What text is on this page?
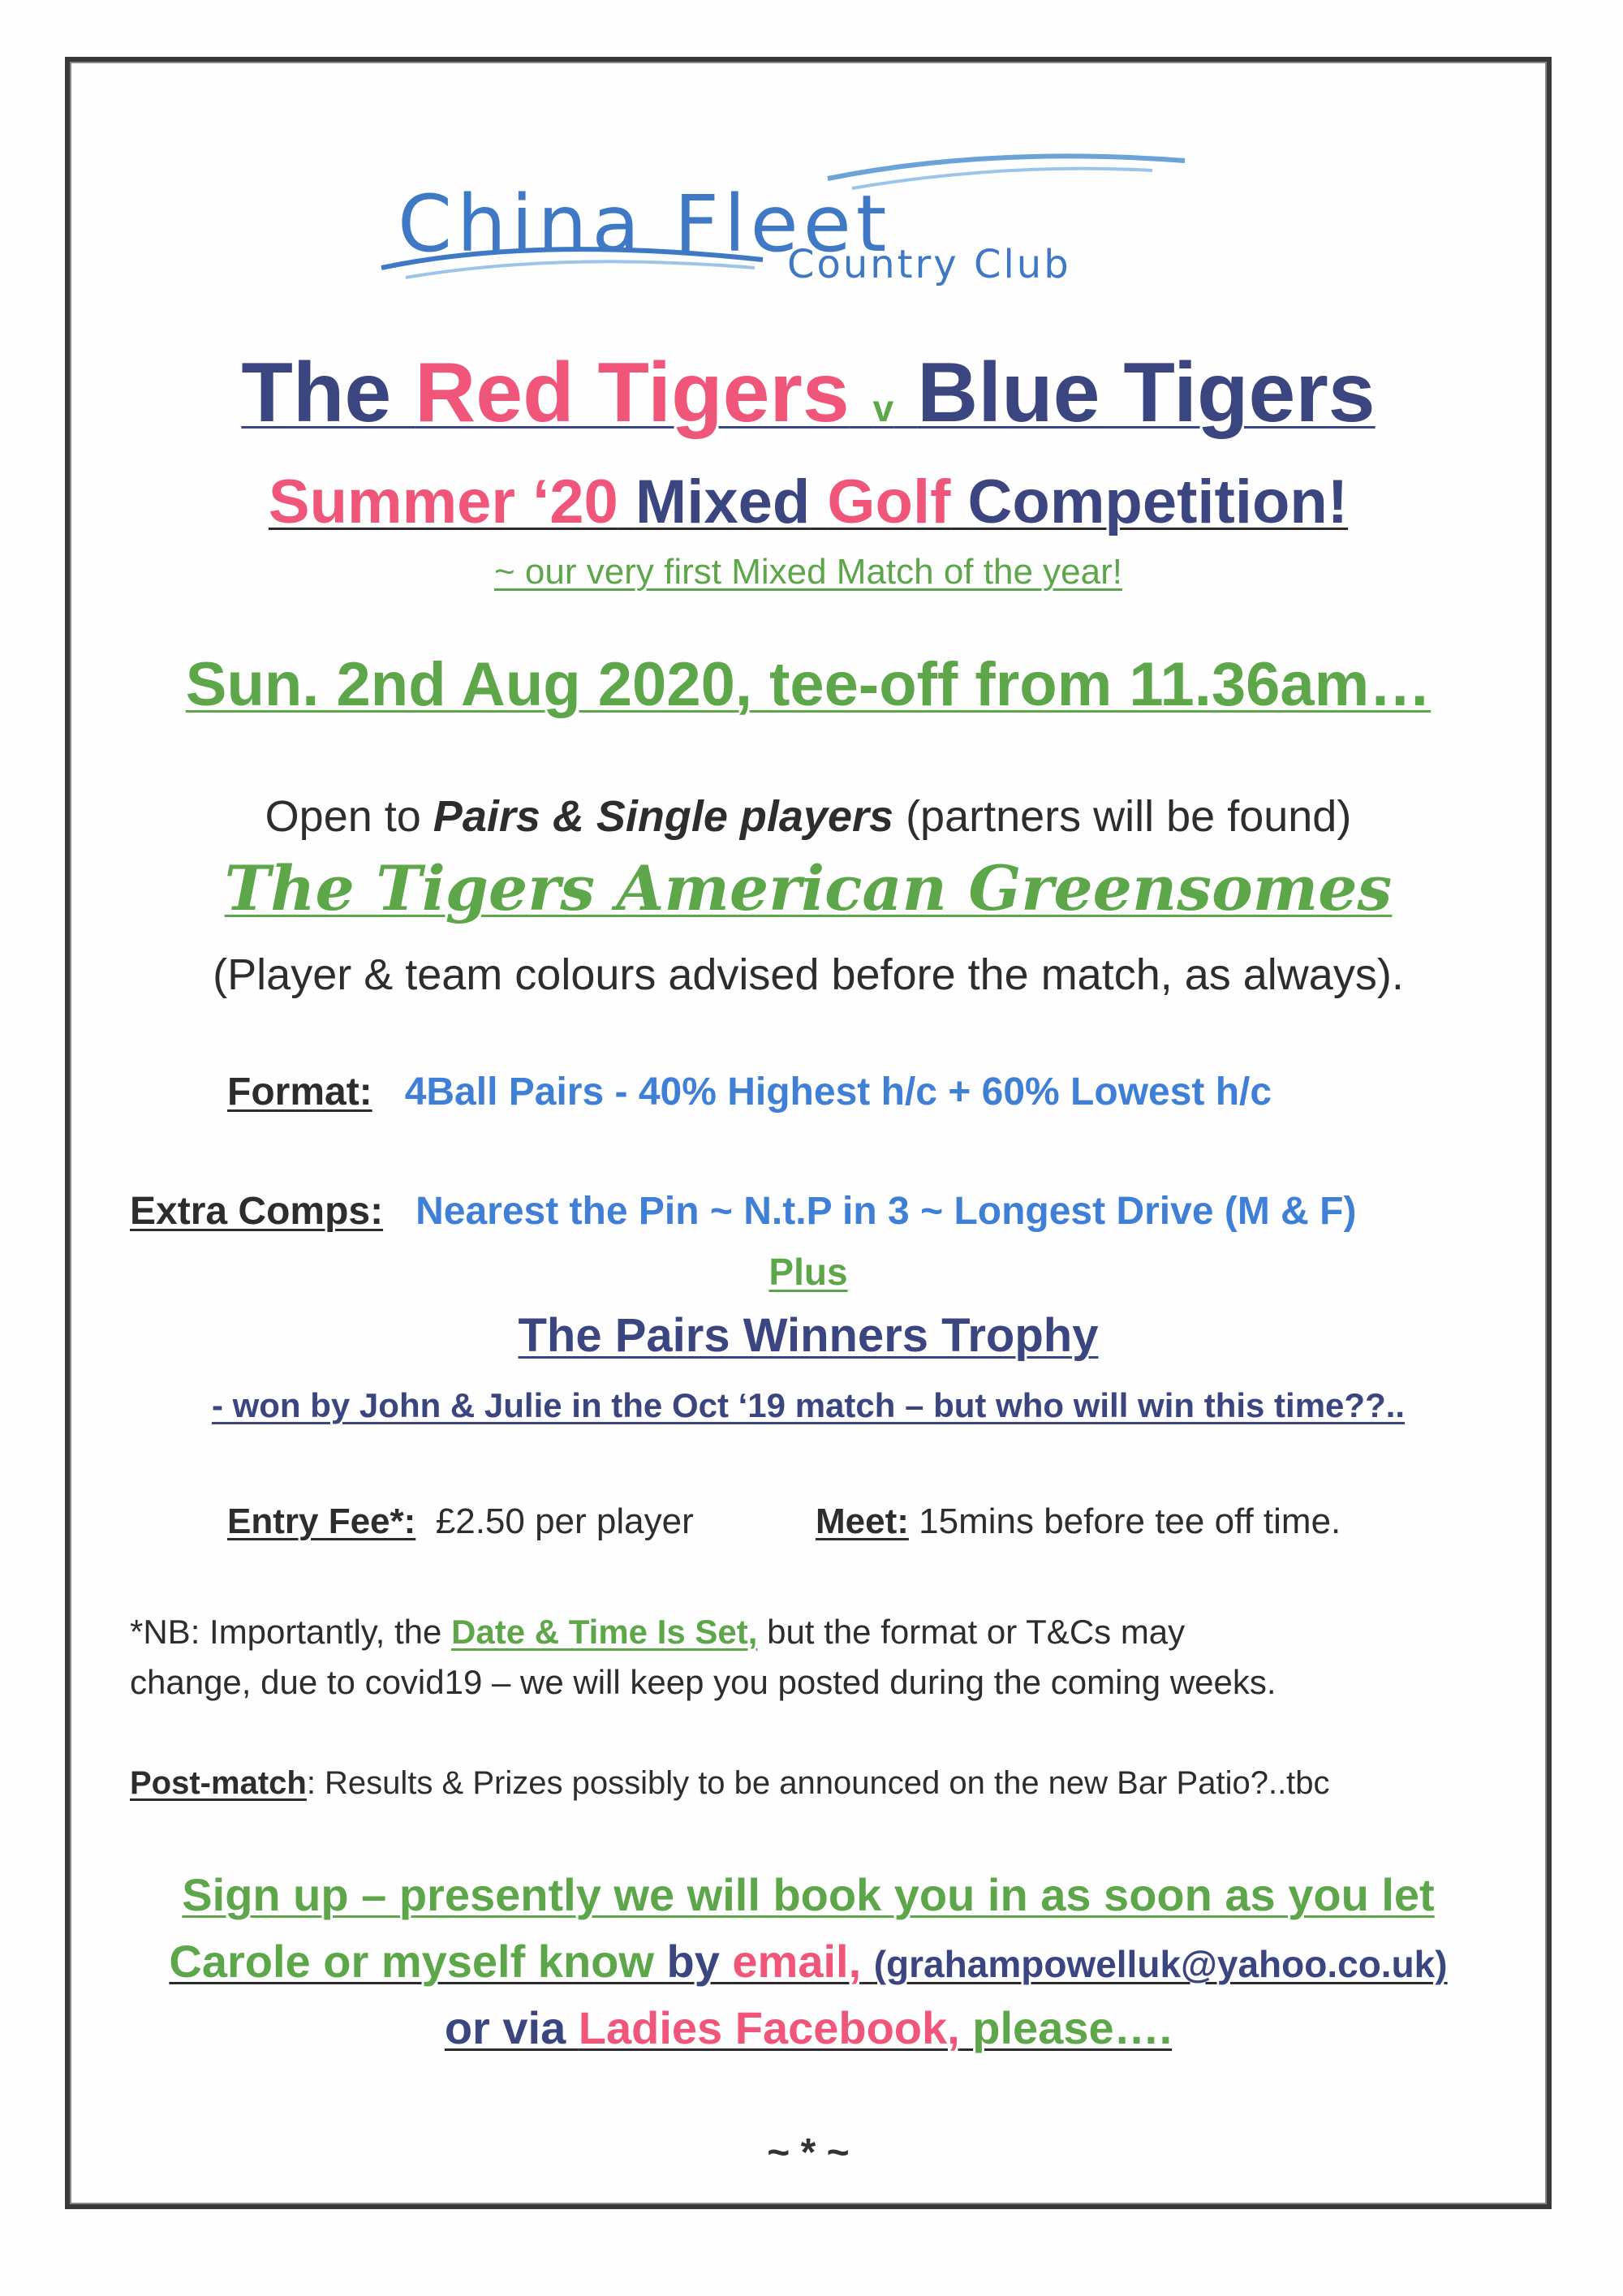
China Fleet
Country Club
The Red Tigers v Blue Tigers
Summer ‘20 Mixed Golf Competition!
~ our very first Mixed Match of the year!
Sun. 2nd Aug 2020, tee-off from 11.36am…
Open to Pairs & Single players (partners will be found)
The Tigers American Greensomes
(Player & team colours advised before the match, as always).
Format: 4Ball Pairs - 40% Highest h/c + 60% Lowest h/c
Extra Comps: Nearest the Pin ~ N.t.P in 3 ~ Longest Drive (M & F)
Plus
The Pairs Winners Trophy
- won by John & Julie in the Oct ‘19 match – but who will win this time??..
Entry Fee*: £2.50 per player	Meet: 15mins before tee off time.
*NB: Importantly, the Date & Time Is Set, but the format or T&Cs may
change, due to covid19 – we will keep you posted during the coming weeks.
Post-match: Results & Prizes possibly to be announced on the new Bar Patio?..tbc
Sign up – presently we will book you in as soon as you let
Carole or myself know by email, (grahampowelluk@yahoo.co.uk)
or via Ladies Facebook, please….
~ * ~
